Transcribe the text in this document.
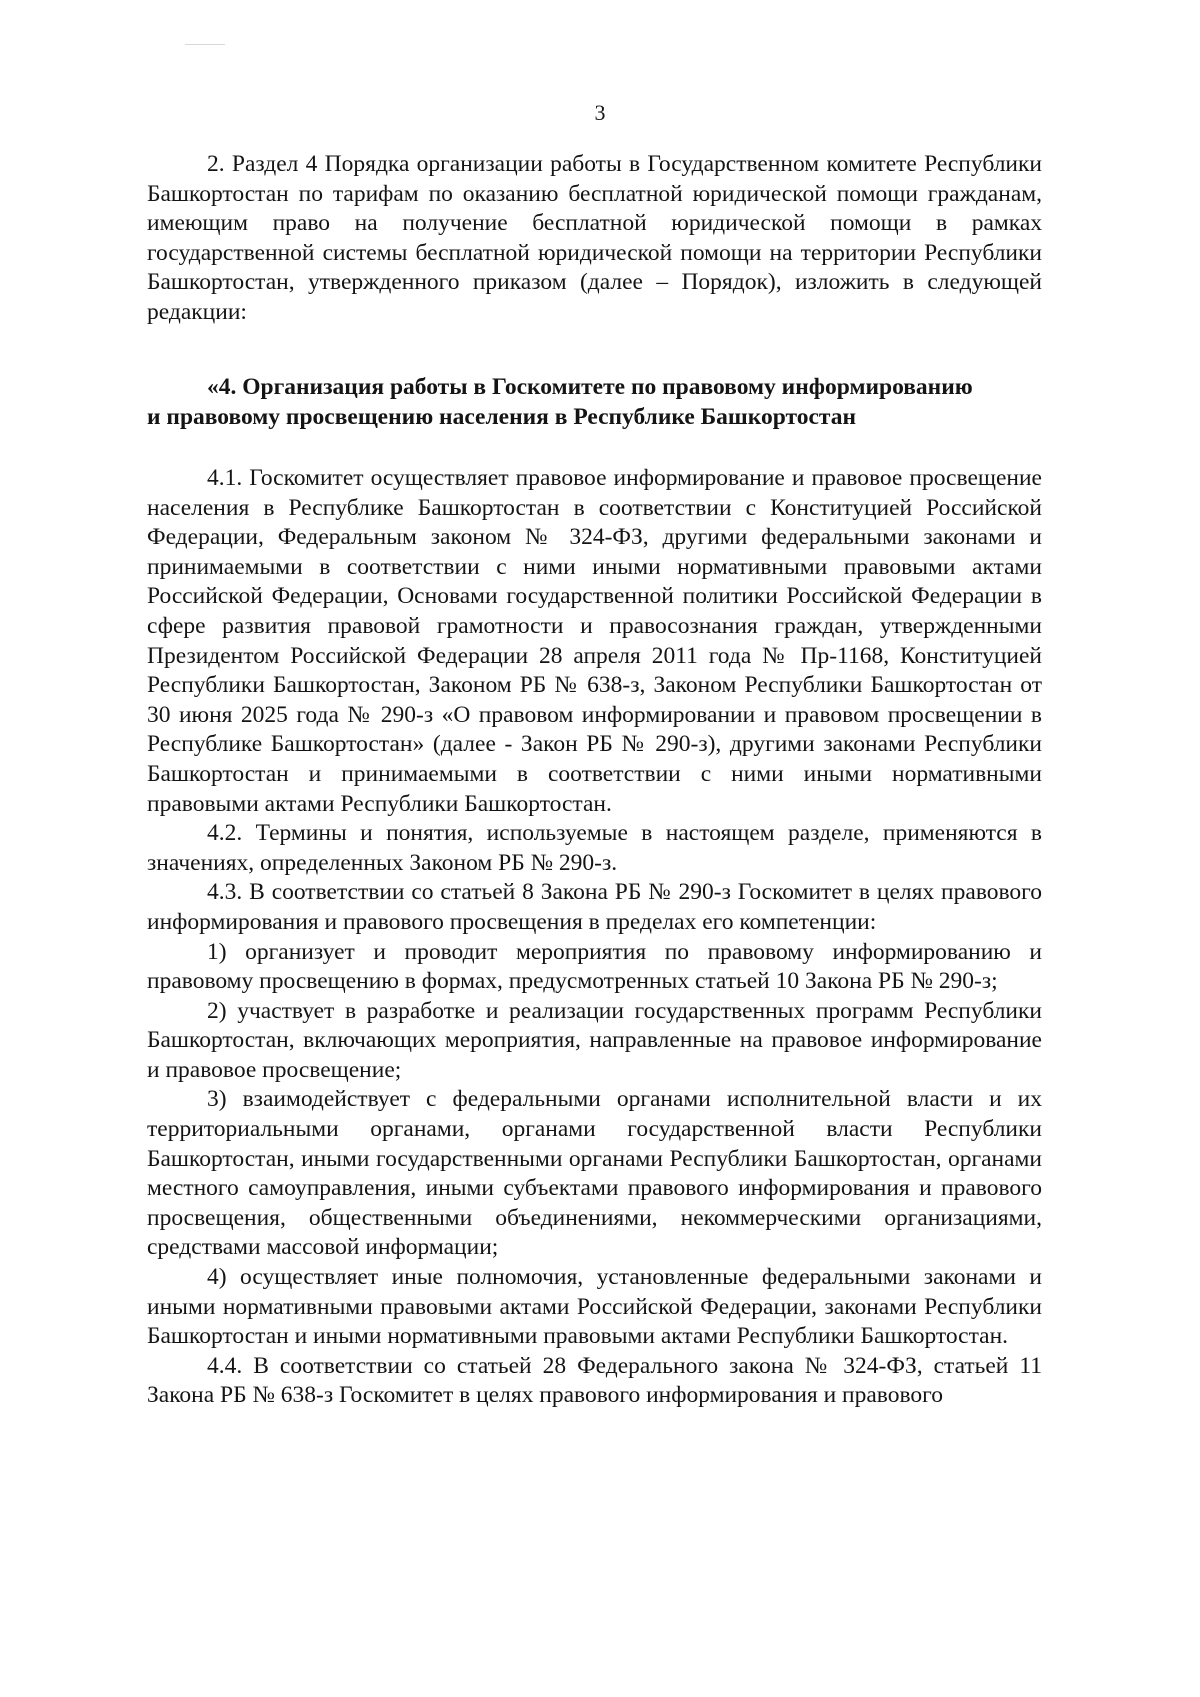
3

2. Раздел 4 Порядка организации работы в Государственном комитете Республики Башкортостан по тарифам по оказанию бесплатной юридической помощи гражданам, имеющим право на получение бесплатной юридической помощи в рамках государственной системы бесплатной юридической помощи на территории Республики Башкортостан, утвержденного приказом (далее – Порядок), изложить в следующей редакции:

«4. Организация работы в Госкомитете по правовому информированию
и правовому просвещению населения в Республике Башкортостан

4.1. Госкомитет осуществляет правовое информирование и правовое просвещение населения в Республике Башкортостан в соответствии с Конституцией Российской Федерации, Федеральным законом № 324-ФЗ, другими федеральными законами и принимаемыми в соответствии с ними иными нормативными правовыми актами Российской Федерации, Основами государственной политики Российской Федерации в сфере развития правовой грамотности и правосознания граждан, утвержденными Президентом Российской Федерации 28 апреля 2011 года № Пр-1168, Конституцией Республики Башкортостан, Законом РБ № 638-з, Законом Республики Башкортостан от 30 июня 2025 года № 290-з «О правовом информировании и правовом просвещении в Республике Башкортостан» (далее - Закон РБ № 290-з), другими законами Республики Башкортостан и принимаемыми в соответствии с ними иными нормативными правовыми актами Республики Башкортостан.

4.2. Термины и понятия, используемые в настоящем разделе, применяются в значениях, определенных Законом РБ № 290-з.

4.3. В соответствии со статьей 8 Закона РБ № 290-з Госкомитет в целях правового информирования и правового просвещения в пределах его компетенции:

1) организует и проводит мероприятия по правовому информированию и правовому просвещению в формах, предусмотренных статьей 10 Закона РБ № 290-з;

2) участвует в разработке и реализации государственных программ Республики Башкортостан, включающих мероприятия, направленные на правовое информирование и правовое просвещение;

3) взаимодействует с федеральными органами исполнительной власти и их территориальными органами, органами государственной власти Республики Башкортостан, иными государственными органами Республики Башкортостан, органами местного самоуправления, иными субъектами правового информирования и правового просвещения, общественными объединениями, некоммерческими организациями, средствами массовой информации;

4) осуществляет иные полномочия, установленные федеральными законами и иными нормативными правовыми актами Российской Федерации, законами Республики Башкортостан и иными нормативными правовыми актами Республики Башкортостан.

4.4. В соответствии со статьей 28 Федерального закона № 324-ФЗ, статьей 11 Закона РБ № 638-з Госкомитет в целях правового информирования и правового
